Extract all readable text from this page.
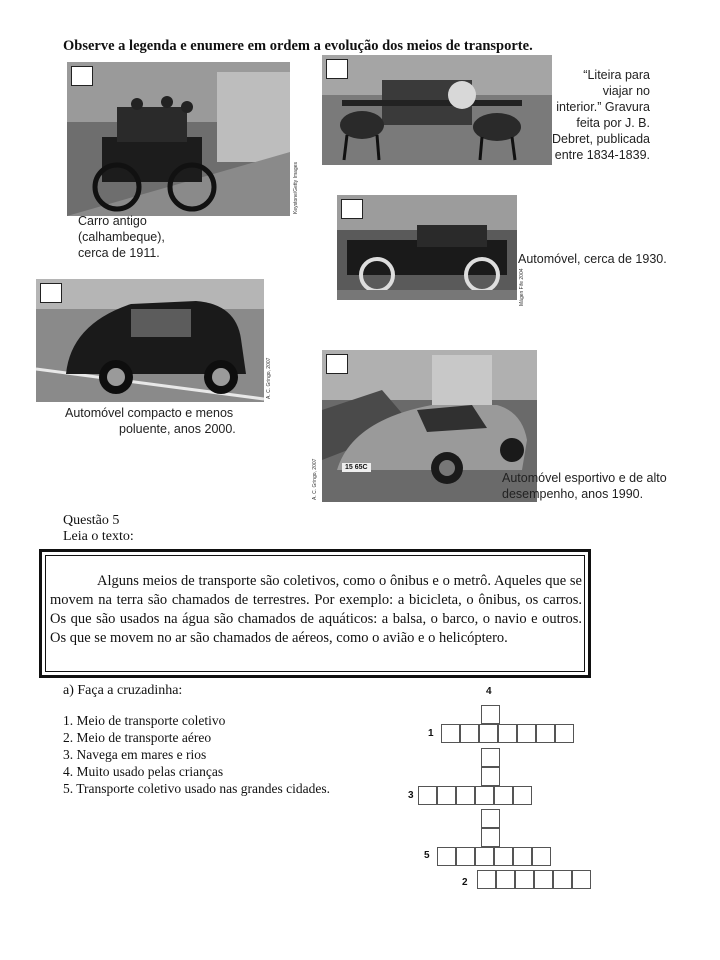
Observe a legenda e enumere em ordem a evolução dos meios de transporte.
Keystone/Getty Images
Carro antigo
(calhambeque),
cerca de 1911.
“Liteira para
viajar no
interior.” Gravura
feita por J. B.
Debret, publicada
entre 1834-1839.
Mágen Fife 2004
Automóvel, cerca de 1930.
A. C. Gringo, 2007
Automóvel compacto e menos
poluente, anos 2000.
15 65C
A. C. Gringo, 2007	Automóvel esportivo e de alto
desempenho, anos 1990.
Questão 5
Leia o texto:
Alguns meios de transporte são coletivos, como o ônibus e o metrô. Aqueles que se movem na terra são chamados de terrestres. Por exemplo: a bicicleta, o ônibus, os carros. Os que são usados na água são chamados de aquáticos: a balsa, o barco, o navio e outros. Os que se movem no ar são chamados de aéreos, como o avião e o helicóptero.
a) Faça a cruzadinha:
1. Meio de transporte coletivo
2. Meio de transporte aéreo
3. Navega em mares e rios
4. Muito usado pelas crianças
5. Transporte coletivo usado nas grandes cidades.
4
1
3
5
2
